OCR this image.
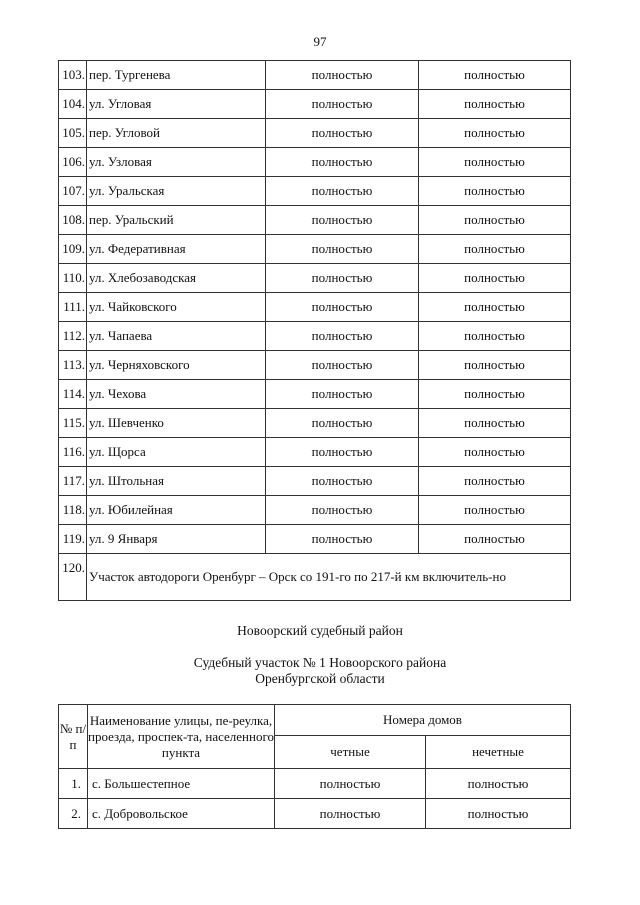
97
103.	пер. Тургенева	полностью	полностью
104.	ул. Угловая	полностью	полностью
105.	пер. Угловой	полностью	полностью
106.	ул. Узловая	полностью	полностью
107.	ул. Уральская	полностью	полностью
108.	пер. Уральский	полностью	полностью
109.	ул. Федеративная	полностью	полностью
110.	ул. Хлебозаводская	полностью	полностью
111.	ул. Чайковского	полностью	полностью
112.	ул. Чапаева	полностью	полностью
113.	ул. Черняховского	полностью	полностью
114.	ул. Чехова	полностью	полностью
115.	ул. Шевченко	полностью	полностью
116.	ул. Щорса	полностью	полностью
117.	ул. Штольная	полностью	полностью
118.	ул. Юбилейная	полностью	полностью
119.	ул. 9 Января	полностью	полностью
120.	Участок автодороги Оренбург – Орск со 191-го по 217-й км включитель-но		
Новоорский судебный район
Судебный участок № 1 Новоорского района
Оренбургской области
№ п/п	Наименование улицы, пе-реулка, проезда, проспек-та, населенного пункта	Номера домов	
		четные	нечетные
1.	с. Большестепное	полностью	полностью
2.	с. Добровольское	полностью	полностью
